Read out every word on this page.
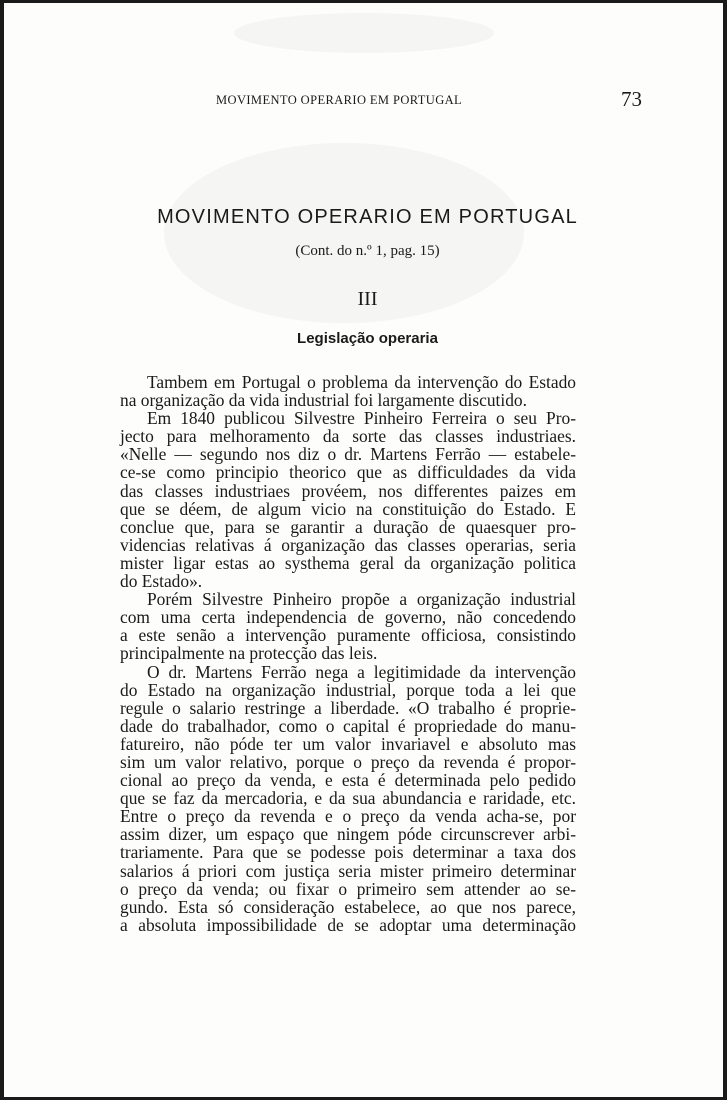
MOVIMENTO OPERARIO EM PORTUGAL	73
MOVIMENTO OPERARIO EM PORTUGAL
(Cont. do n.º 1, pag. 15)
III
Legislação operaria
Tambem em Portugal o problema da intervenção do Estado
na organização da vida industrial foi largamente discutido.
Em 1840 publicou Silvestre Pinheiro Ferreira o seu Pro-
jecto para melhoramento da sorte das classes industriaes.
«Nelle — segundo nos diz o dr. Martens Ferrão — estabele-
ce-se como principio theorico que as difficuldades da vida
das classes industriaes provéem, nos differentes paizes em
que se déem, de algum vicio na constituição do Estado. E
conclue que, para se garantir a duração de quaesquer pro-
videncias relativas á organização das classes operarias, seria
mister ligar estas ao systhema geral da organização politica
do Estado».
Porém Silvestre Pinheiro propõe a organização industrial
com uma certa independencia de governo, não concedendo
a este senão a intervenção puramente officiosa, consistindo
principalmente na protecção das leis.
O dr. Martens Ferrão nega a legitimidade da intervenção
do Estado na organização industrial, porque toda a lei que
regule o salario restringe a liberdade. «O trabalho é proprie-
dade do trabalhador, como o capital é propriedade do manu-
fatureiro, não póde ter um valor invariavel e absoluto mas
sim um valor relativo, porque o preço da revenda é propor-
cional ao preço da venda, e esta é determinada pelo pedido
que se faz da mercadoria, e da sua abundancia e raridade, etc.
Entre o preço da revenda e o preço da venda acha-se, por
assim dizer, um espaço que ningem póde circunscrever arbi-
trariamente. Para que se podesse pois determinar a taxa dos
salarios á priori com justiça seria mister primeiro determinar
o preço da venda; ou fixar o primeiro sem attender ao se-
gundo. Esta só consideração estabelece, ao que nos parece,
a absoluta impossibilidade de se adoptar uma determinação
